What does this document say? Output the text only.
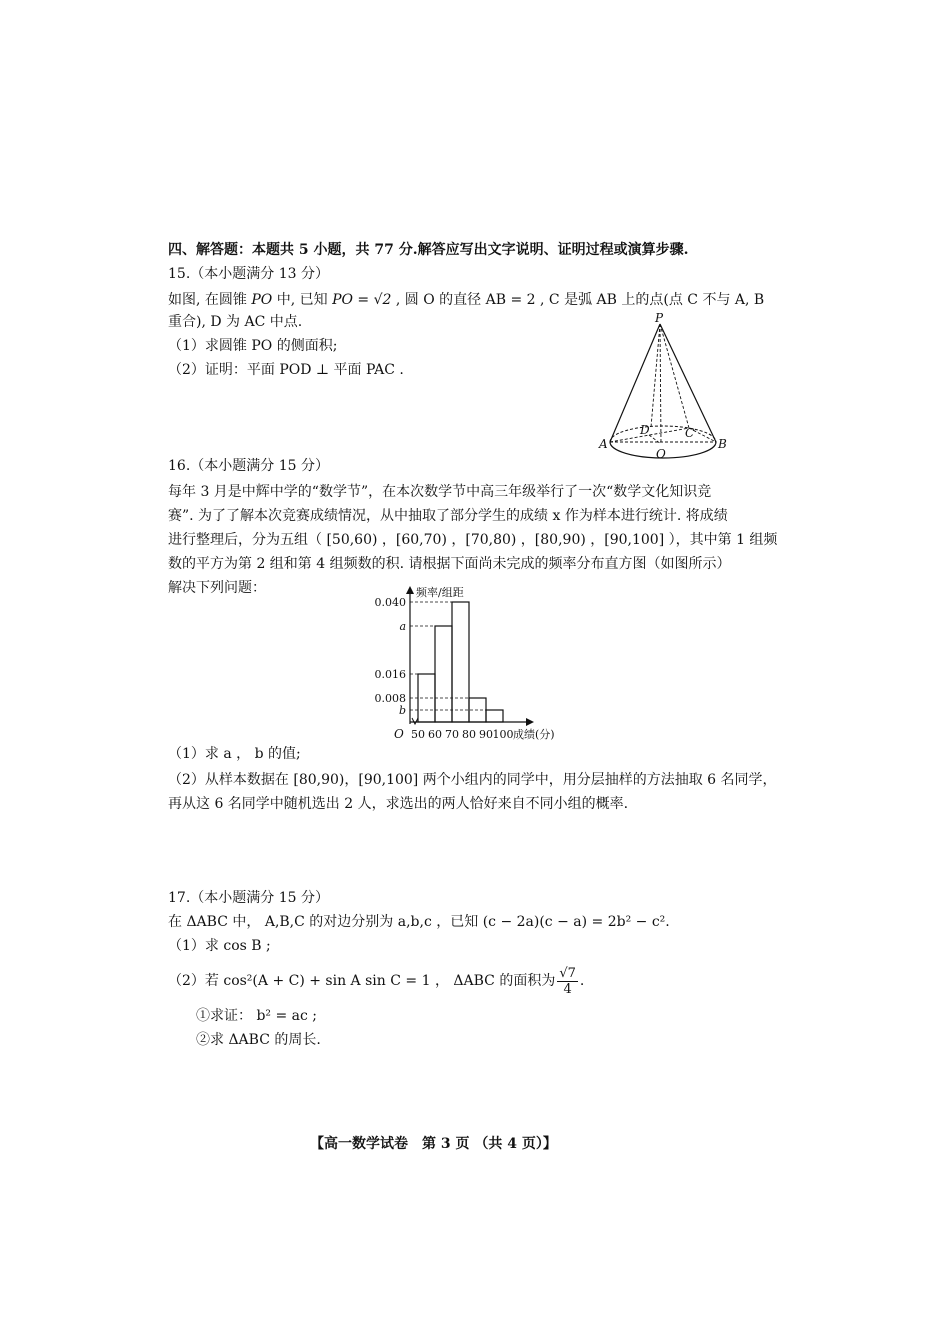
四、解答题：本题共 5 小题，共 77 分.解答应写出文字说明、证明过程或演算步骤.
15.（本小题满分 13 分）
如图, 在圆锥 PO 中, 已知 PO = √2 , 圆 O 的直径 AB = 2 , C 是弧 AB 上的点(点 C 不与 A, B
重合), D 为 AC 中点.
（1）求圆锥 PO 的侧面积;
（2）证明：平面 POD ⊥ 平面 PAC .
P
A	B
O
C
D
16.（本小题满分 15 分）
每年 3 月是中辉中学的“数学节”，在本次数学节中高三年级举行了一次“数学文化知识竞
赛”. 为了了解本次竞赛成绩情况，从中抽取了部分学生的成绩 x 作为样本进行统计. 将成绩
进行整理后，分为五组（ [50,60) ，[60,70) ，[70,80) ，[80,90) ，[90,100] ），其中第 1 组频
数的平方为第 2 组和第 4 组频数的积. 请根据下面尚未完成的频率分布直方图（如图所示）
解决下列问题：
0.040
a
0.016
0.008
b
50 60 70 80 90 100 成绩(分)
频率/组距
O
（1）求 a ， b 的值;
（2）从样本数据在 [80,90)，[90,100] 两个小组内的同学中，用分层抽样的方法抽取 6 名同学，
再从这 6 名同学中随机选出 2 人，求选出的两人恰好来自不同小组的概率.
17.（本小题满分 15 分）
在 ΔABC 中， A,B,C 的对边分别为 a,b,c ，已知 (c − 2a)(c − a) = 2b² − c².
（1）求 cos B ;
（2）若 cos²(A + C) + sin A sin C = 1 ， ΔABC 的面积为 $\frac{√7}{4}$ .
①求证： b² = ac ;
②求 ΔABC 的周长.
【高一数学试卷　第 3 页 （共 4 页）】
